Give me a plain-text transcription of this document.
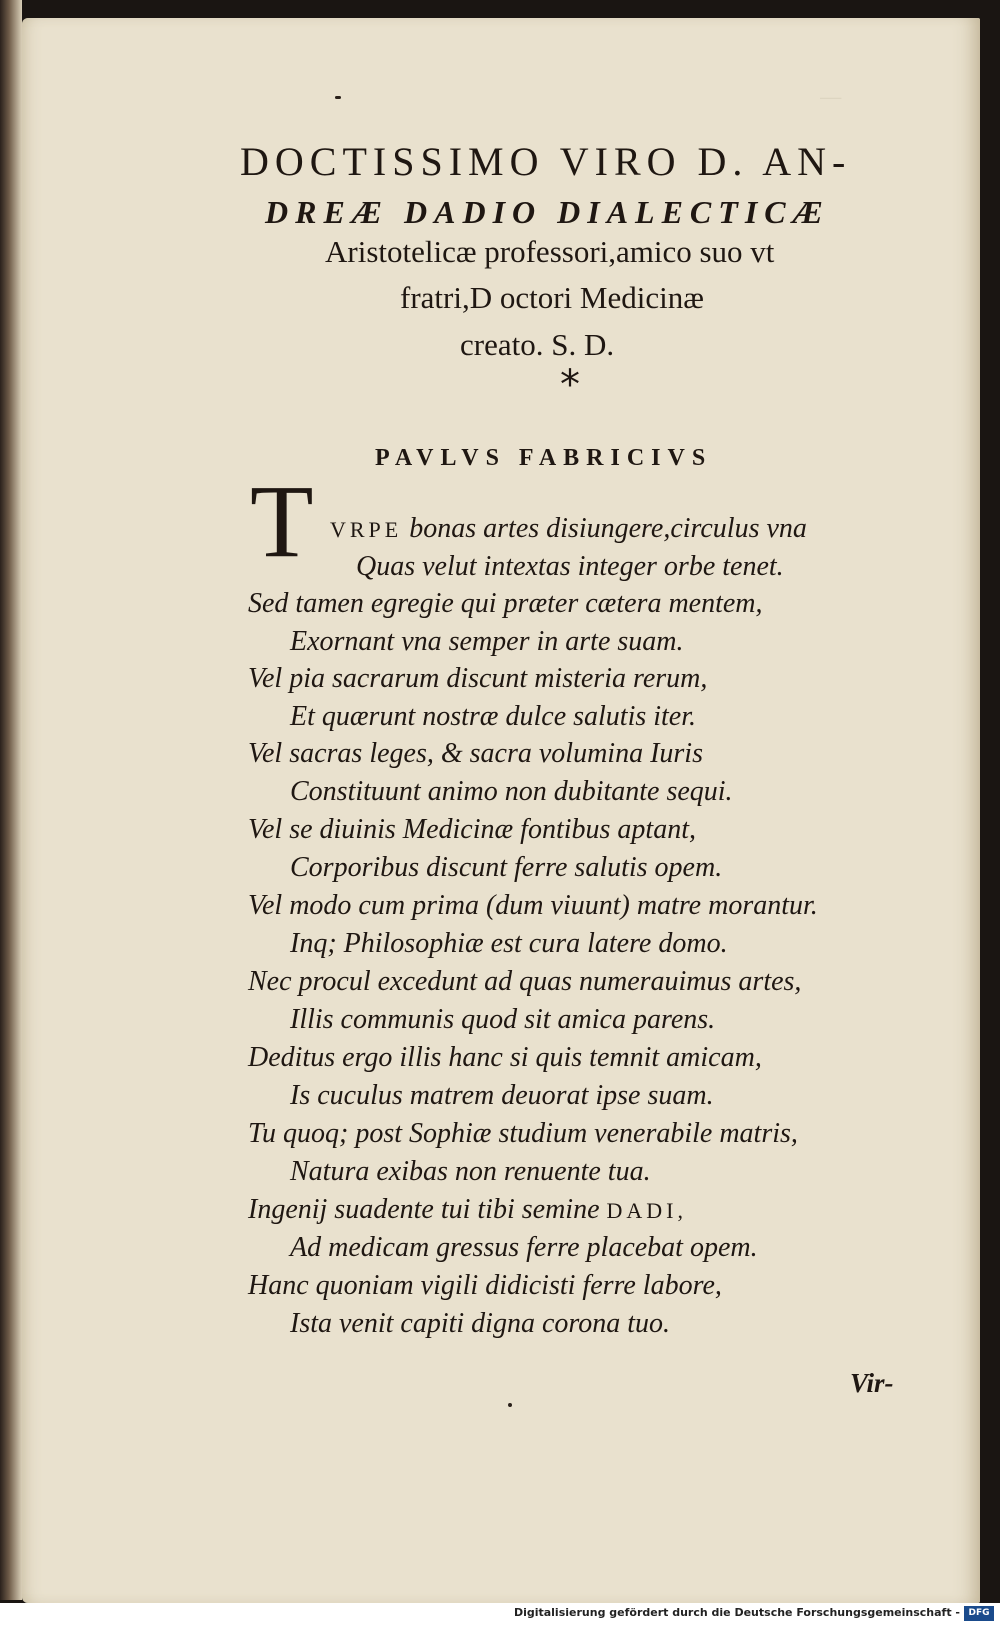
—
DOCTISSIMO VIRO D. AN-
DREÆ DADIO DIALECTICÆ
Aristotelicæ professori,amico suo vt
fratri,D octori Medicinæ
creato. S. D.
*
PAVLVS FABRICIVS
T VRPE bonas artes disiungere,circulus vna
Quas velut intextas integer orbe tenet.
Sed tamen egregie qui præter cætera mentem,
Exornant vna semper in arte suam.
Vel pia sacrarum discunt misteria rerum,
Et quærunt nostræ dulce salutis iter.
Vel sacras leges, & sacra volumina Iuris
Constituunt animo non dubitante sequi.
Vel se diuinis Medicinæ fontibus aptant,
Corporibus discunt ferre salutis opem.
Vel modo cum prima (dum viuunt) matre morantur.
Inq; Philosophiæ est cura latere domo.
Nec procul excedunt ad quas numerauimus artes,
Illis communis quod sit amica parens.
Deditus ergo illis hanc si quis temnit amicam,
Is cuculus matrem deuorat ipse suam.
Tu quoq; post Sophiæ studium venerabile matris,
Natura exibas non renuente tua.
Ingenij suadente tui tibi semine DADI,
Ad medicam gressus ferre placebat opem.
Hanc quoniam vigili didicisti ferre labore,
Ista venit capiti digna corona tuo.
Vir-
Digitalisierung gefördert durch die Deutsche Forschungsgemeinschaft - DFG
